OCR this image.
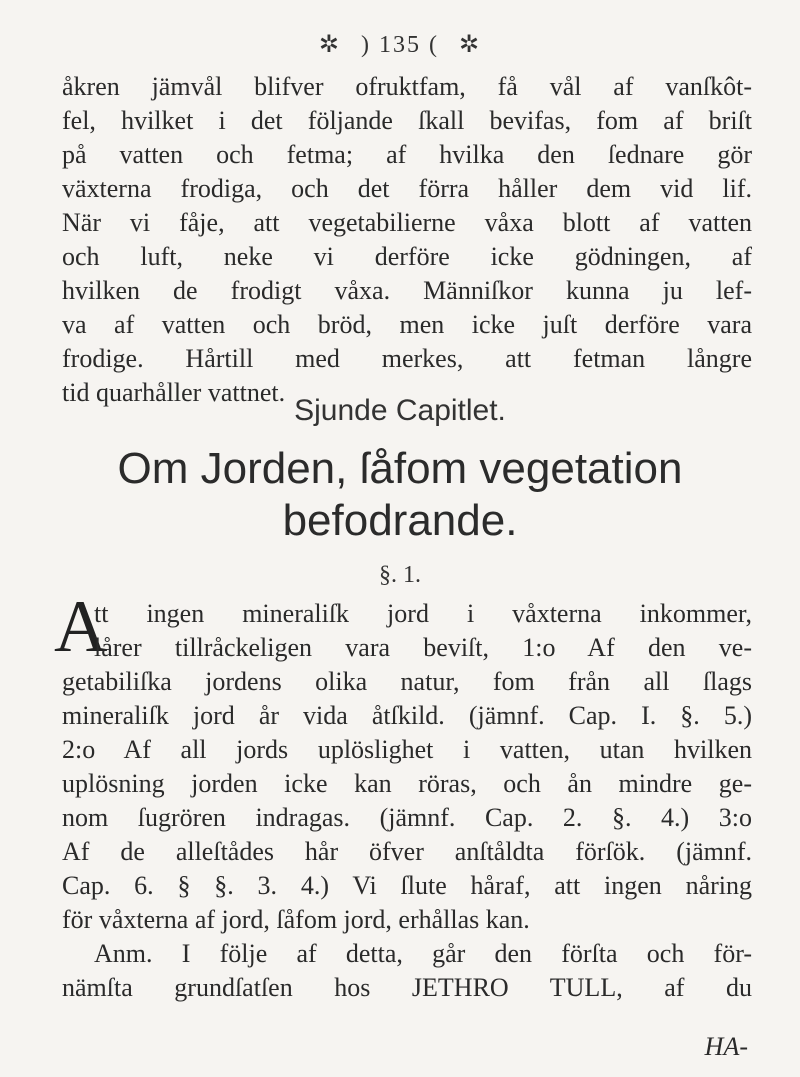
✲ ) 135 ( ✲
åkren jämvål blifver ofruktfam, få vål af vanſkôt-
fel, hvilket i det följande ſkall bevifas, fom af briſt
på vatten och fetma; af hvilka den ſednare gör
växterna frodiga, och det förra håller dem vid lif.
När vi fåje, att vegetabilierne våxa blott af vatten
och luft, neke vi derföre icke gödningen, af
hvilken de frodigt våxa. Männiſkor kunna ju lef-
va af vatten och bröd, men icke juſt derföre vara
frodige. Hårtill med merkes, att fetman långre
tid quarhåller vattnet.
Sjunde Capitlet.
Om Jorden, ſåfom vegetation
befodrande.
§. 1.
A
tt ingen mineraliſk jord i våxterna inkommer,
lårer tillråckeligen vara beviſt, 1:o Af den ve-
getabiliſka jordens olika natur, fom från all ſlags
mineraliſk jord år vida åtſkild. (jämnf. Cap. I. §. 5.)
2:o Af all jords uplöslighet i vatten, utan hvilken
uplösning jorden icke kan röras, och ån mindre ge-
nom ſugrören indragas. (jämnf. Cap. 2. §. 4.) 3:o
Af de alleſtådes hår öfver anſtåldta förſök. (jämnf.
Cap. 6. § §. 3. 4.) Vi ſlute håraf, att ingen nåring
för våxterna af jord, ſåfom jord, erhållas kan.
Anm. I följe af detta, går den förſta och för-
nämſta grundſatſen hos JETHRO TULL, af du
HA-
